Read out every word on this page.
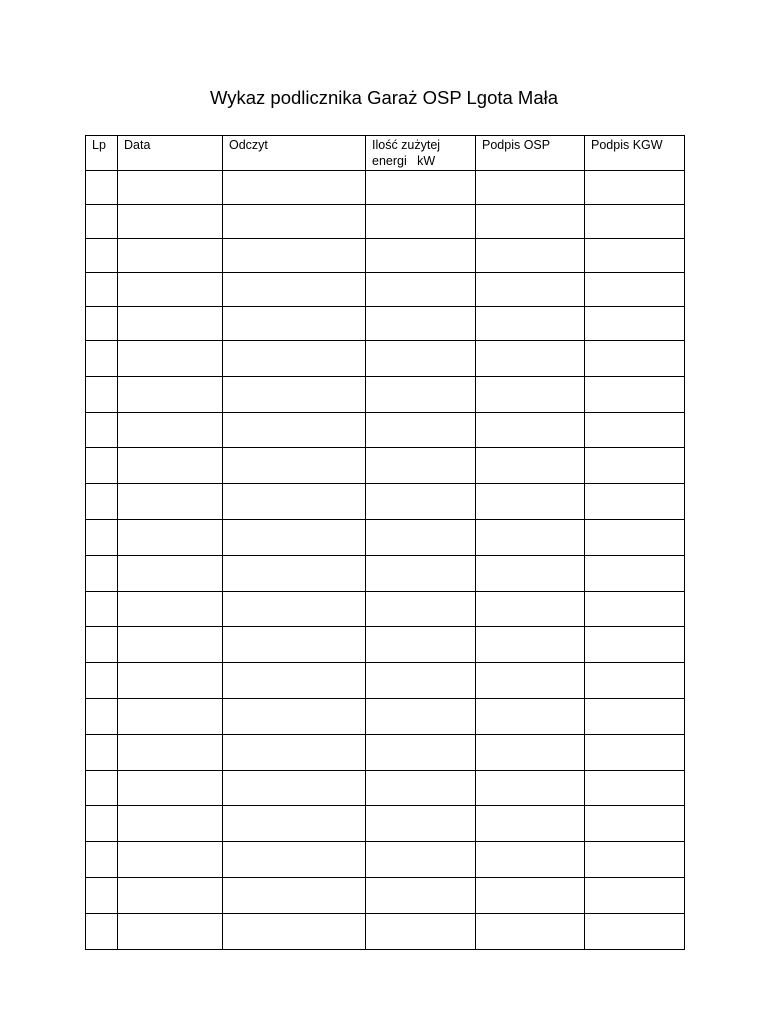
Wykaz podlicznika Garaż OSP Lgota Mała
Lp	Data	Odczyt	Ilość zużytej energi   kW	Podpis OSP	Podpis KGW
